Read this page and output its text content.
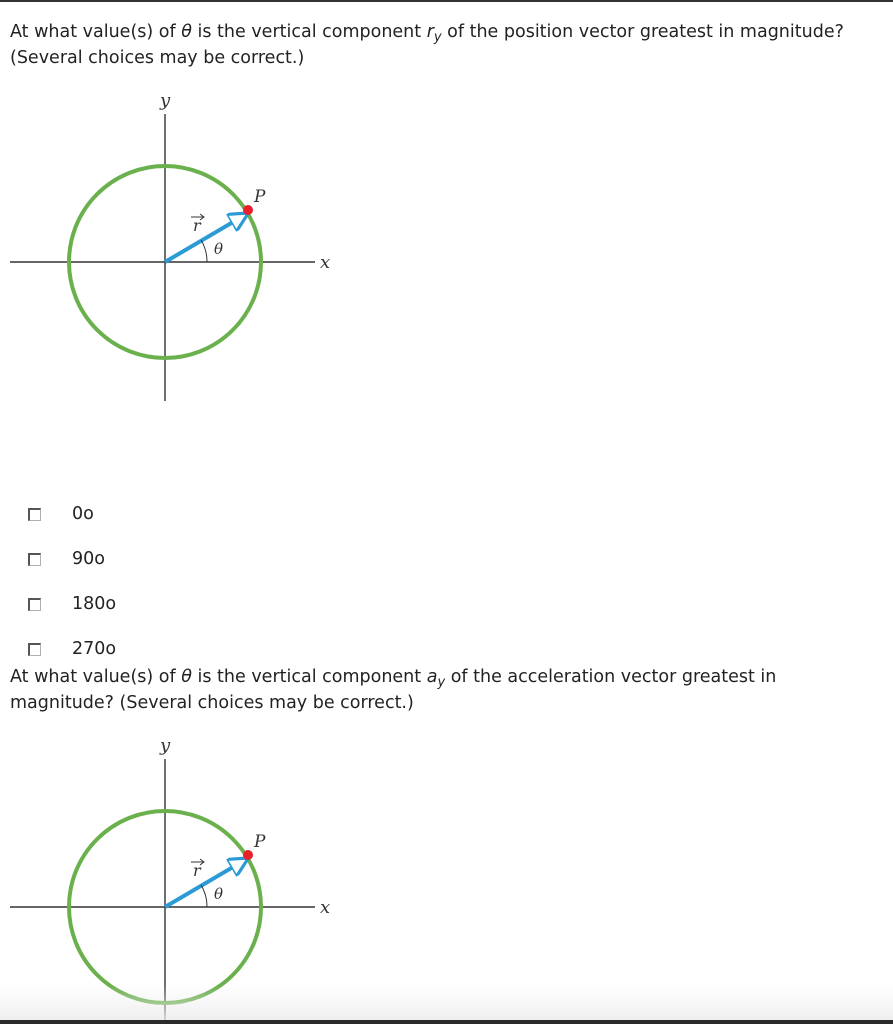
At what value(s) of θ is the vertical component $r_y$ of the position vector greatest in magnitude? (Several choices may be correct.)
y
x
θ
r
P
0o
90o
180o
270o
At what value(s) of θ is the vertical component $a_y$ of the acceleration vector greatest in magnitude? (Several choices may be correct.)
y
x
θ
r
P
